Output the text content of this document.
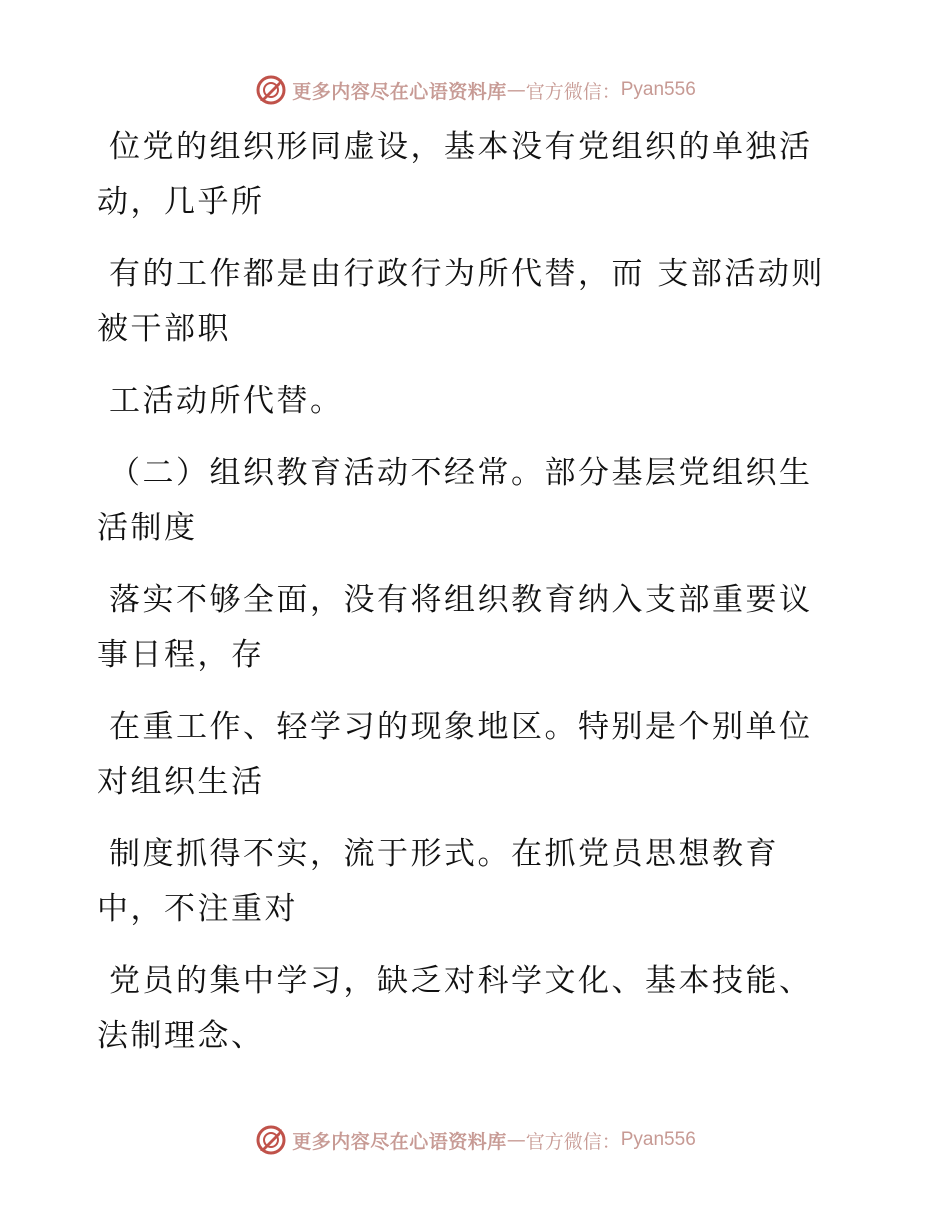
更多内容尽在心语资料库 — 官方微信： Pyan556

位党的组织形同虚设，基本没有党组织的单独活
动，几乎所

有的工作都是由行政行为所代替，而 支部活动则
被干部职

工活动所代替。

（二）组织教育活动不经常。部分基层党组织生
活制度

落实不够全面，没有将组织教育纳入支部重要议
事日程，存

在重工作、轻学习的现象地区。特别是个别单位
对组织生活

制度抓得不实，流于形式。在抓党员思想教育
中，不注重对

党员的集中学习，缺乏对科学文化、基本技能、
法制理念、

更多内容尽在心语资料库 — 官方微信： Pyan556
